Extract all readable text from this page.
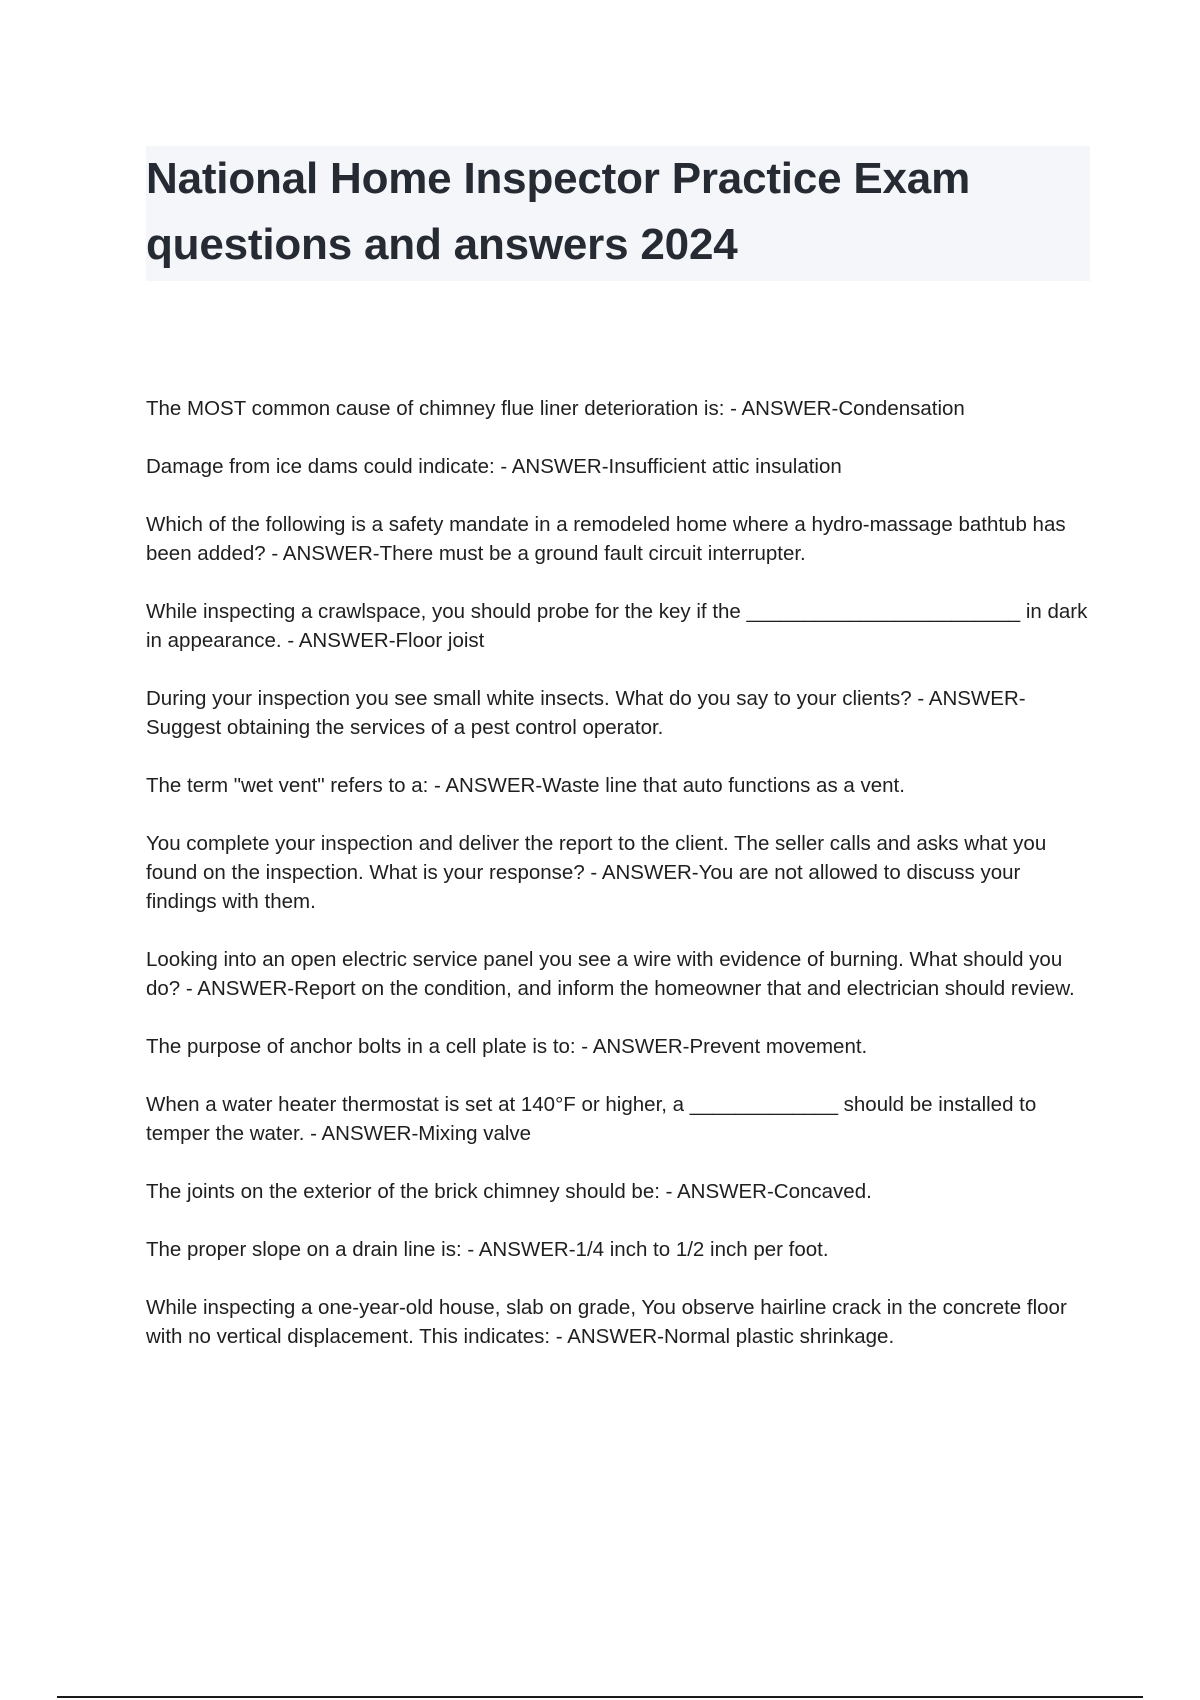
National Home Inspector Practice Exam questions and answers 2024

The MOST common cause of chimney flue liner deterioration is: - ANSWER-Condensation

Damage from ice dams could indicate: - ANSWER-Insufficient attic insulation

Which of the following is a safety mandate in a remodeled home where a hydro-massage bathtub has been added? - ANSWER-There must be a ground fault circuit interrupter.

While inspecting a crawlspace, you should probe for the key if the ________________________ in dark in appearance. - ANSWER-Floor joist

During your inspection you see small white insects. What do you say to your clients? - ANSWER-Suggest obtaining the services of a pest control operator.

The term "wet vent" refers to a: - ANSWER-Waste line that auto functions as a vent.

You complete your inspection and deliver the report to the client. The seller calls and asks what you found on the inspection. What is your response? - ANSWER-You are not allowed to discuss your findings with them.

Looking into an open electric service panel you see a wire with evidence of burning. What should you do? - ANSWER-Report on the condition, and inform the homeowner that and electrician should review.

The purpose of anchor bolts in a cell plate is to: - ANSWER-Prevent movement.

When a water heater thermostat is set at 140°F or higher, a _____________ should be installed to temper the water. - ANSWER-Mixing valve

The joints on the exterior of the brick chimney should be: - ANSWER-Concaved.

The proper slope on a drain line is: - ANSWER-1/4 inch to 1/2 inch per foot.

While inspecting a one-year-old house, slab on grade, You observe hairline crack in the concrete floor with no vertical displacement. This indicates: - ANSWER-Normal plastic shrinkage.
